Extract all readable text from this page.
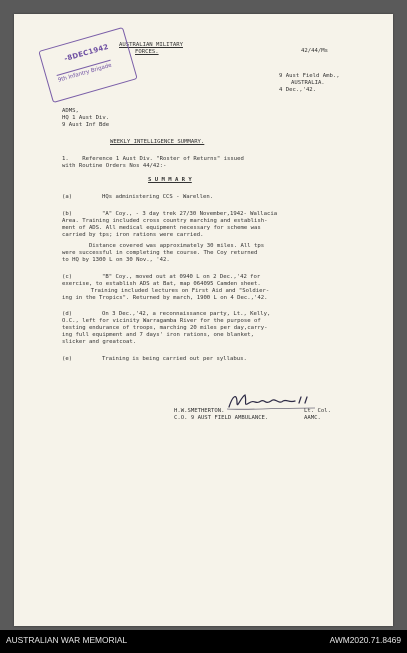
AUSTRALIAN MILITARY
FORCES.	42/44/Ms
9 Aust Field Amb.,
AUSTRALIA.
4 Dec.,'42.
-8DEC1942
9th Infantry Brigade
ADMS,
HQ 1 Aust Div.
9 Aust Inf Bde
WEEKLY INTELLIGENCE SUMMARY.
1.    Reference 1 Aust Div. "Roster of Returns" issued
with Routine Orders Nos 44/42:-
S U M M A R Y
(a)	HQs administering CCS - Warellen.
(b)	"A" Coy., - 3 day trek 27/30 November,1942- Wallacia
Area. Training included cross country marching and establish-
ment of ADS. All medical equipment necessary for scheme was
carried by tps; iron rations were carried.
Distance covered was approximately 30 miles. All tps
were successful in completing the course. The Coy returned
to HQ by 1300 L on 30 Nov., '42.
(c)	"B" Coy., moved out at 0940 L on 2 Dec.,'42 for
exercise, to establish ADS at Bat, map 064095 Camden sheet.
Training included lectures on First Aid and "Soldier-
ing in the Tropics". Returned by march, 1900 L on 4 Dec.,'42.
(d)	On 3 Dec.,'42, a reconnaissance party, Lt., Kelly,
O.C., left for vicinity Warragamba River for the purpose of
testing endurance of troops, marching 20 miles per day,carry-
ing full equipment and 7 days' iron rations, one blanket,
slicker and greatcoat.
(e)	Training is being carried out per syllabus.
H.W.SMETHERTON.	Lt. Col.
C.O. 9 AUST FIELD AMBULANCE.	AAMC.
AUSTRALIAN WAR MEMORIAL	AWM2020.71.8469
